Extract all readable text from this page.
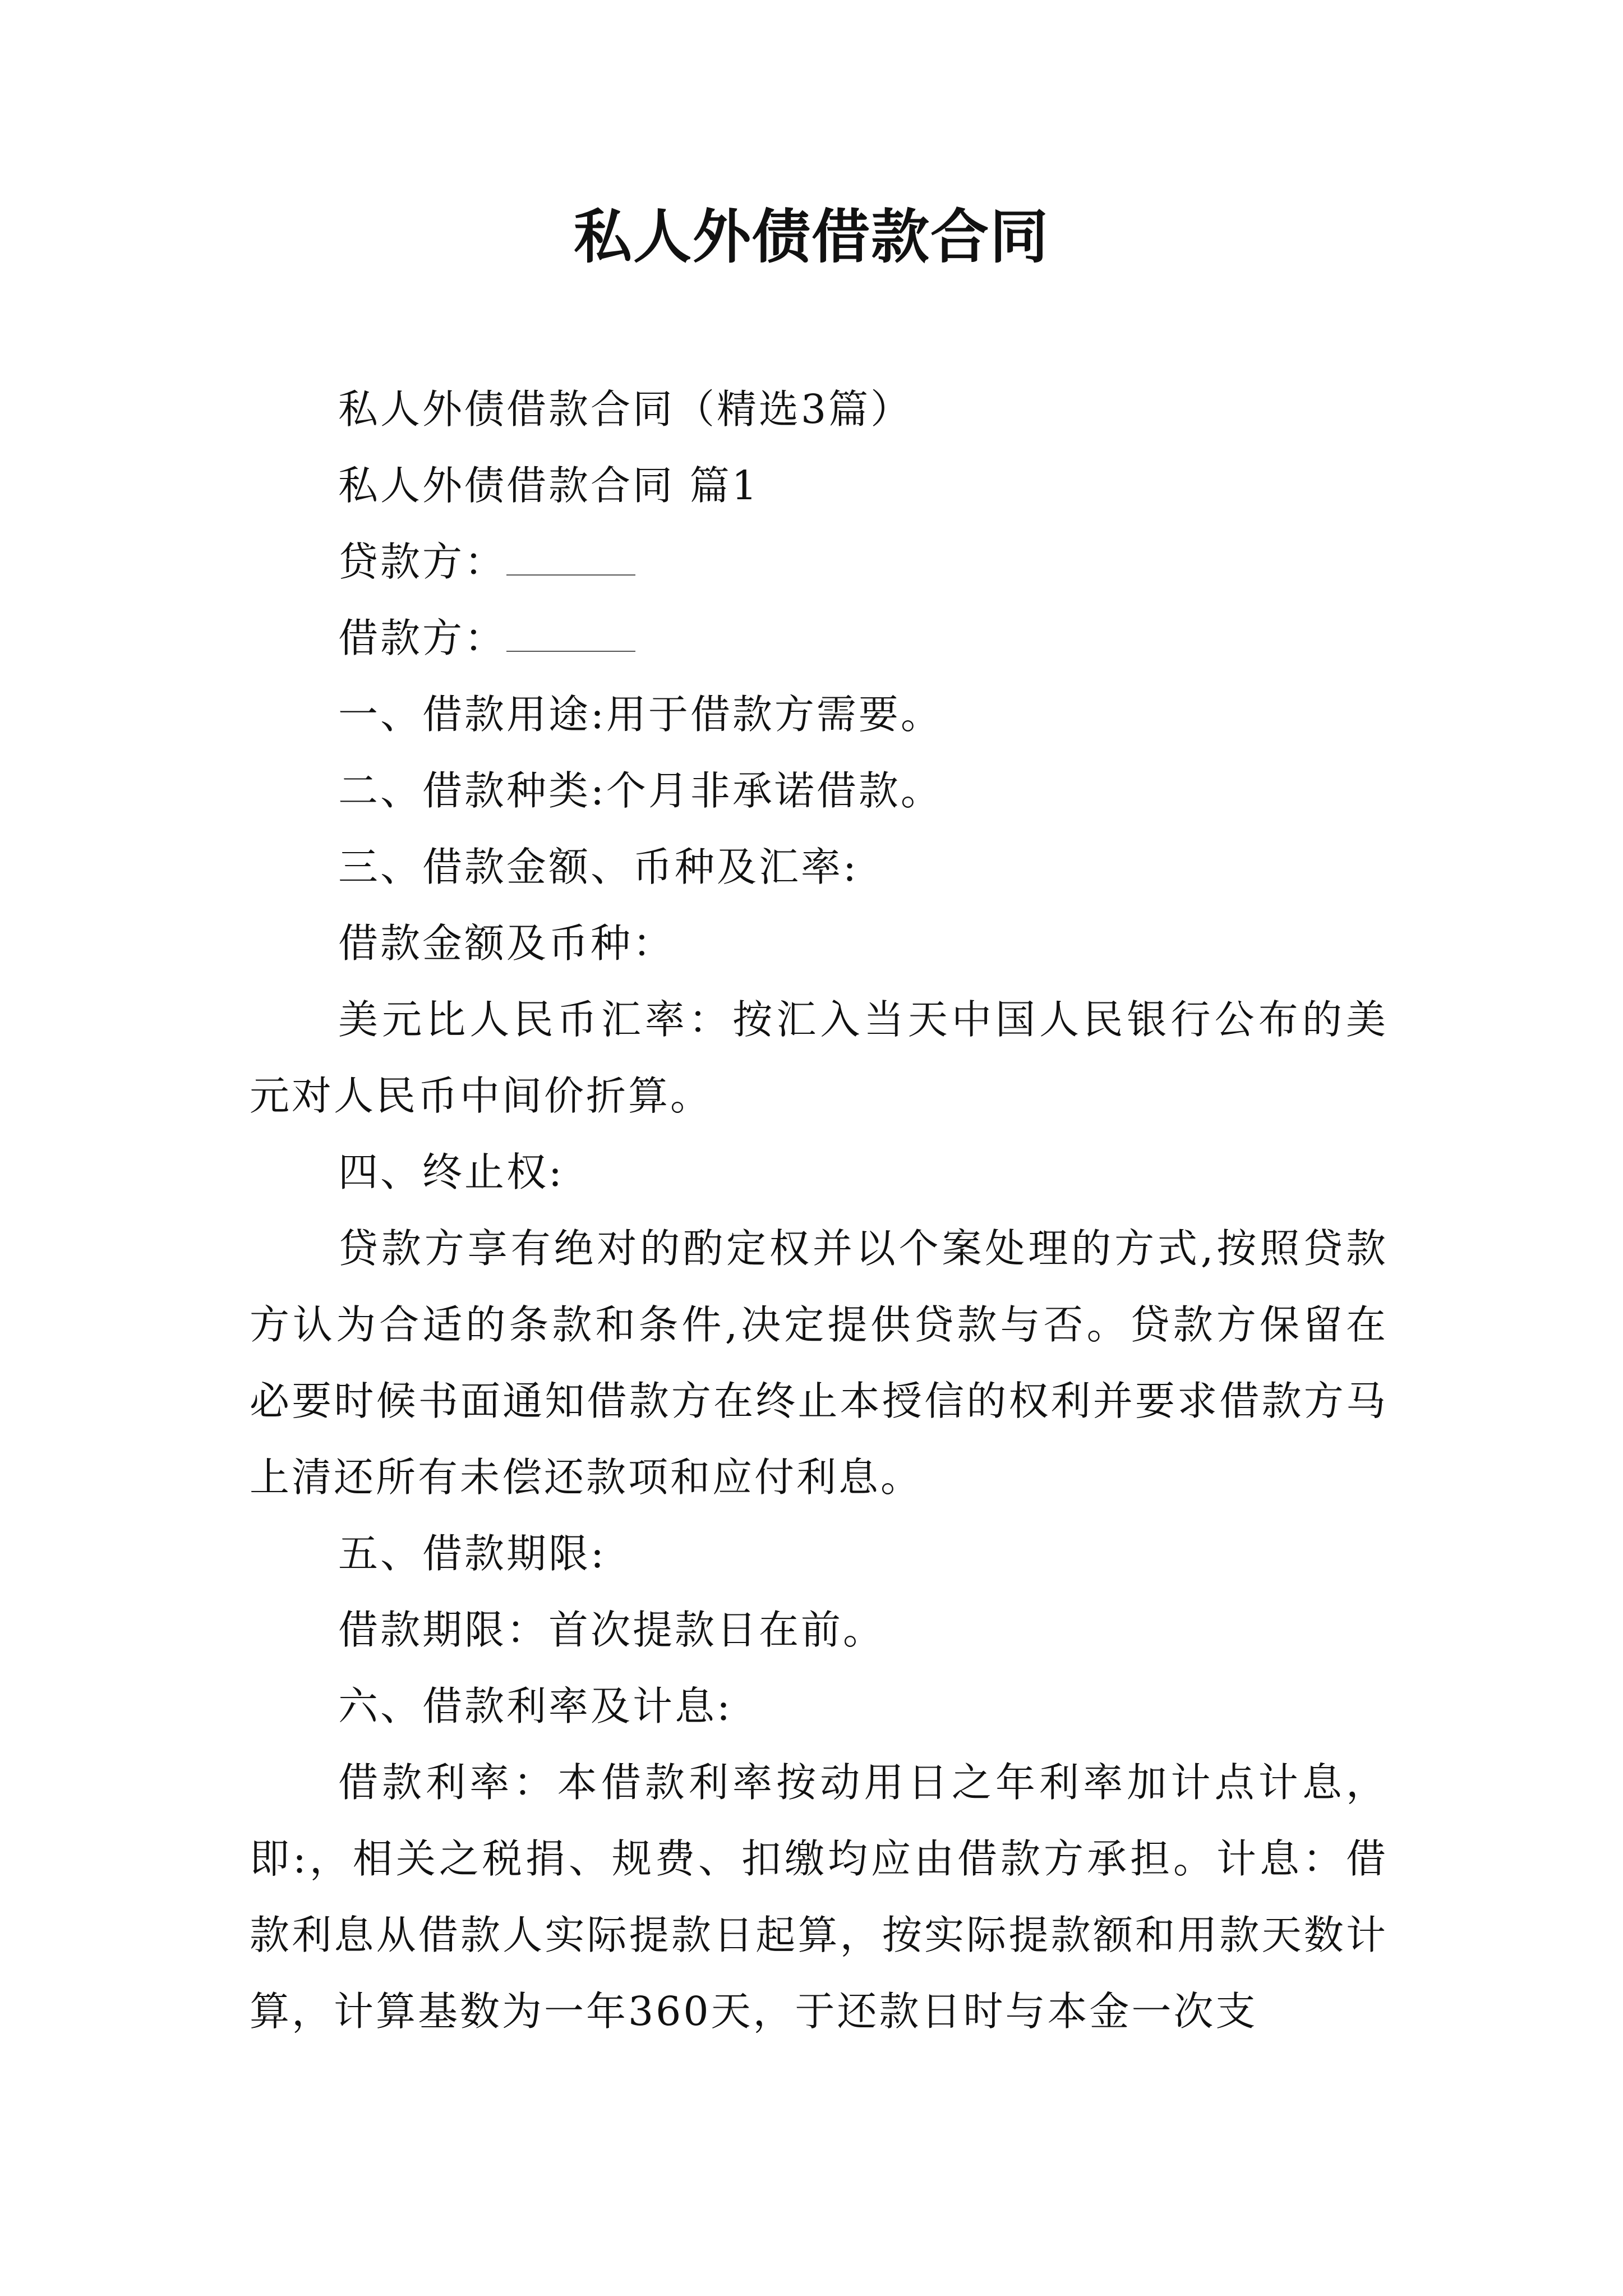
私人外债借款合同

私人外债借款合同（精选3篇）

私人外债借款合同 篇1

贷款方：

借款方：

一、借款用途:用于借款方需要。

二、借款种类:个月非承诺借款。

三、借款金额、币种及汇率:

借款金额及币种：

美元比人民币汇率：按汇入当天中国人民银行公布的美元对人民币中间价折算。

四、终止权:

贷款方享有绝对的酌定权并以个案处理的方式,按照贷款方认为合适的条款和条件,决定提供贷款与否。贷款方保留在必要时候书面通知借款方在终止本授信的权利并要求借款方马上清还所有未偿还款项和应付利息。

五、借款期限:

借款期限：首次提款日在前。

六、借款利率及计息:

借款利率：本借款利率按动用日之年利率加计点计息，即:，相关之税捐、规费、扣缴均应由借款方承担。计息：借款利息从借款人实际提款日起算，按实际提款额和用款天数计算，计算基数为一年360天，于还款日时与本金一次支
